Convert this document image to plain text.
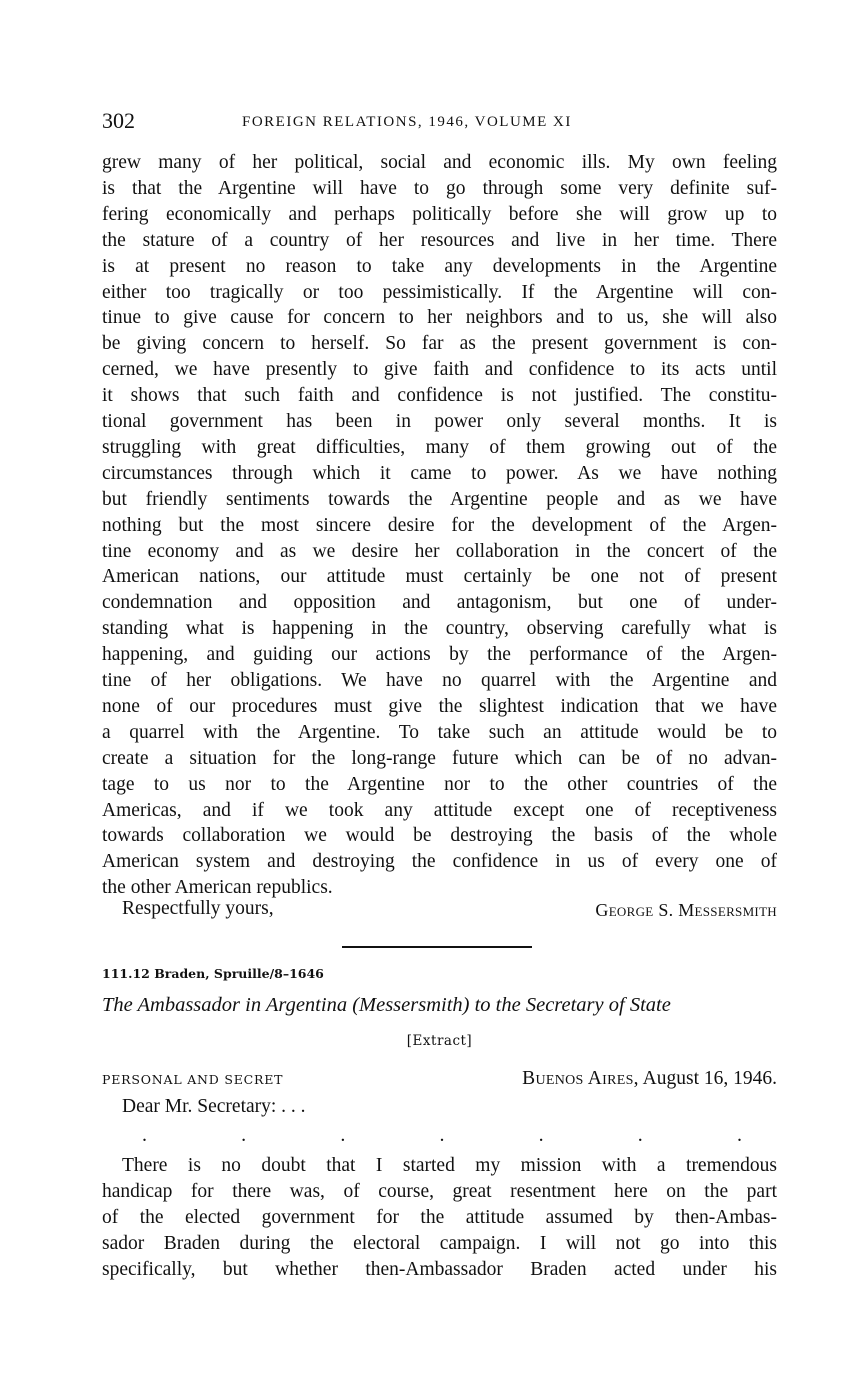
302	FOREIGN RELATIONS, 1946, VOLUME XI
grew many of her political, social and economic ills. My own feeling
is that the Argentine will have to go through some very definite suf-
fering economically and perhaps politically before she will grow up to
the stature of a country of her resources and live in her time. There
is at present no reason to take any developments in the Argentine
either too tragically or too pessimistically. If the Argentine will con-
tinue to give cause for concern to her neighbors and to us, she will also
be giving concern to herself. So far as the present government is con-
cerned, we have presently to give faith and confidence to its acts until
it shows that such faith and confidence is not justified. The constitu-
tional government has been in power only several months. It is
struggling with great difficulties, many of them growing out of the
circumstances through which it came to power. As we have nothing
but friendly sentiments towards the Argentine people and as we have
nothing but the most sincere desire for the development of the Argen-
tine economy and as we desire her collaboration in the concert of the
American nations, our attitude must certainly be one not of present
condemnation and opposition and antagonism, but one of under-
standing what is happening in the country, observing carefully what is
happening, and guiding our actions by the performance of the Argen-
tine of her obligations. We have no quarrel with the Argentine and
none of our procedures must give the slightest indication that we have
a quarrel with the Argentine. To take such an attitude would be to
create a situation for the long-range future which can be of no advan-
tage to us nor to the Argentine nor to the other countries of the
Americas, and if we took any attitude except one of receptiveness
towards collaboration we would be destroying the basis of the whole
American system and destroying the confidence in us of every one of
the other American republics.
Respectfully yours,	George S. Messersmith
111.12 Braden, Spruille/8–1646
The Ambassador in Argentina (Messersmith) to the Secretary of State
[Extract]
PERSONAL AND SECRET	Buenos Aires, August 16, 1946.
Dear Mr. Secretary: . . .
.	.	.	.	.	.	.
There is no doubt that I started my mission with a tremendous
handicap for there was, of course, great resentment here on the part
of the elected government for the attitude assumed by then-Ambas-
sador Braden during the electoral campaign. I will not go into this
specifically, but whether then-Ambassador Braden acted under his
